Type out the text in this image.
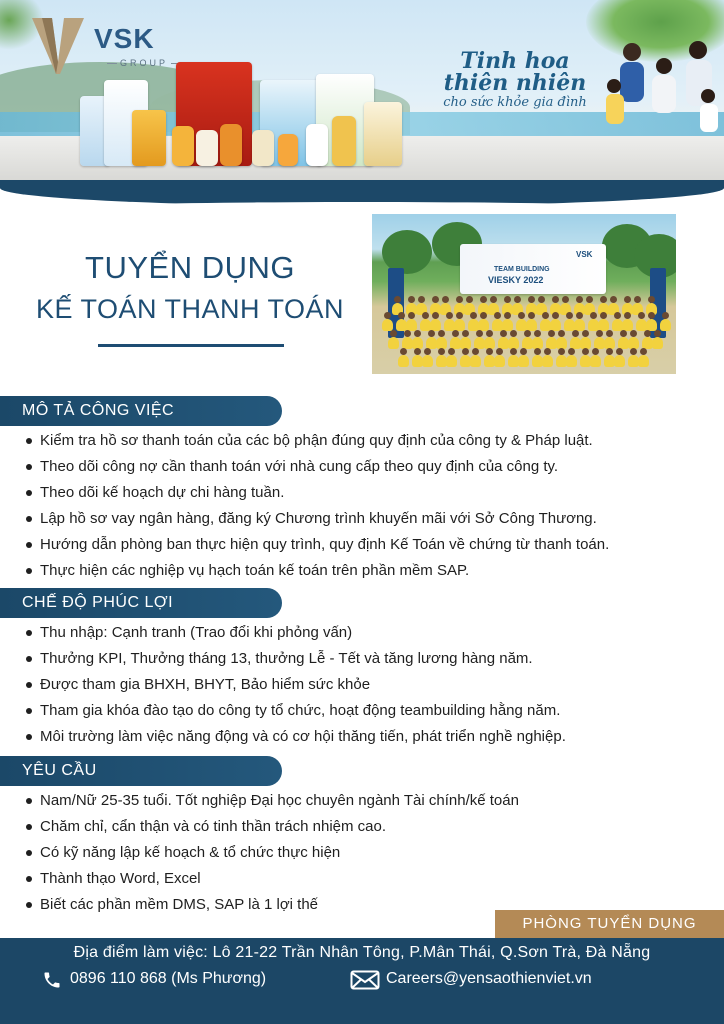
VSK
GROUP	Tinh hoa
thiên nhiên
cho sức khỏe gia đình
TUYỂN DỤNG
KẾ TOÁN THANH TOÁN
TEAM BUILDING
VIESKY 2022
VSK
MÔ TẢ CÔNG VIỆC
Kiểm tra hồ sơ thanh toán của các bộ phận đúng quy định của công ty & Pháp luật.
Theo dõi công nợ cần thanh toán với nhà cung cấp theo quy định của công ty.
Theo dõi kế hoạch dự chi hàng tuần.
Lập hồ sơ vay ngân hàng, đăng ký Chương trình khuyến mãi với Sở Công Thương.
Hướng dẫn phòng ban thực hiện quy trình, quy định Kế Toán về chứng từ thanh toán.
Thực hiện các nghiệp vụ hạch toán kế toán trên phần mềm SAP.
CHẾ ĐỘ PHÚC LỢI
Thu nhập: Cạnh tranh (Trao đổi khi phỏng vấn)
Thưởng KPI, Thưởng tháng 13, thưởng Lễ - Tết và tăng lương hàng năm.
Được tham gia BHXH, BHYT, Bảo hiểm sức khỏe
Tham gia khóa đào tạo do công ty tổ chức, hoạt động teambuilding hằng năm.
Môi trường làm việc năng động và có cơ hội thăng tiến, phát triển nghề nghiệp.
YÊU CẦU
Nam/Nữ 25-35 tuổi. Tốt nghiệp Đại học chuyên ngành Tài chính/kế toán
Chăm chỉ, cẩn thận và có tinh thần trách nhiệm cao.
Có kỹ năng lập kế hoạch & tổ chức thực hiện
Thành thạo Word, Excel
Biết các phần mềm DMS, SAP là 1 lợi thế
PHÒNG TUYỂN DỤNG
Địa điểm làm việc: Lô 21-22 Trần Nhân Tông, P.Mân Thái, Q.Sơn Trà, Đà Nẵng
0896 110 868 (Ms Phương)	Careers@yensaothienviet.vn
